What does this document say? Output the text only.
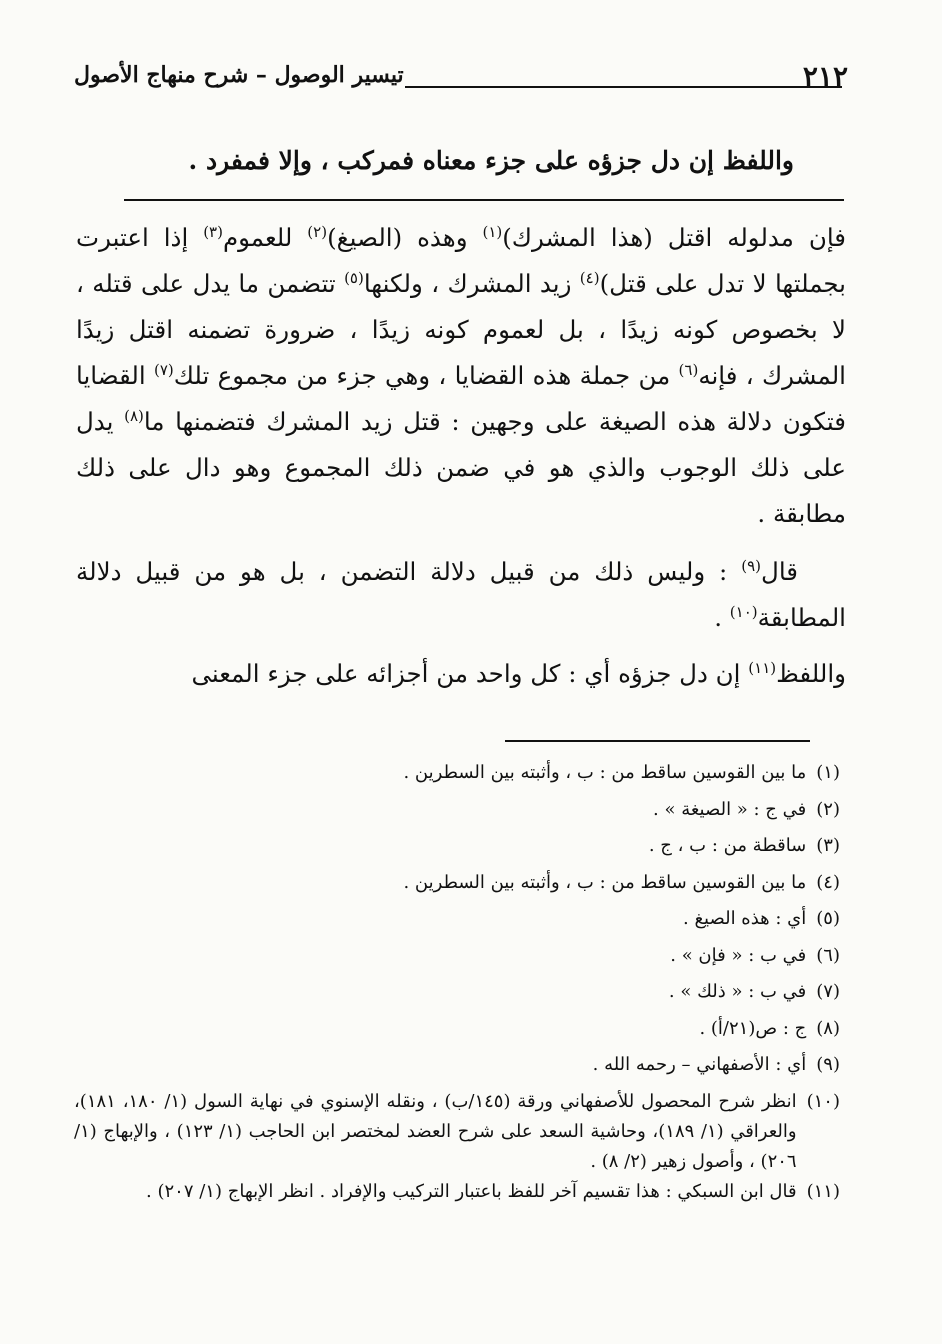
٢١٢
تيسير الوصول – شرح منهاج الأصول
واللفظ إن دل جزؤه على جزء معناه فمركب ، وإلا فمفرد .

فإن مدلوله اقتل (هذا المشرك)$^{(١)}$ وهذه (الصيغ)$^{(٢)}$ للعموم$^{(٣)}$ إذا اعتبرت بجملتها لا تدل على قتل)$^{(٤)}$ زيد المشرك ، ولكنها$^{(٥)}$ تتضمن ما يدل على قتله ، لا بخصوص كونه زيدًا ، بل لعموم كونه زيدًا ، ضرورة تضمنه اقتل زيدًا المشرك ، فإنه$^{(٦)}$ من جملة هذه القضايا ، وهي جزء من مجموع تلك$^{(٧)}$ القضايا فتكون دلالة هذه الصيغة على وجهين : قتل زيد المشرك فتضمنها ما$^{(٨)}$ يدل على ذلك الوجوب والذي هو في ضمن ذلك المجموع وهو دال على ذلك مطابقة .

قال$^{(٩)}$ : وليس ذلك من قبيل دلالة التضمن ، بل هو من قبيل دلالة المطابقة$^{(١٠)}$ .

واللفظ$^{(١١)}$ إن دل جزؤه أي : كل واحد من أجزائه على جزء المعنى

(١)
ما بين القوسين ساقط من : ب ، وأثبته بين السطرين .
(٢)
في ج : « الصيغة » .
(٣)
ساقطة من : ب ، ج .
(٤)
ما بين القوسين ساقط من : ب ، وأثبته بين السطرين .
(٥)
أي : هذه الصيغ .
(٦)
في ب : « فإن » .
(٧)
في ب : « ذلك » .
(٨)
ج : ص(٢١/أ) .
(٩)
أي : الأصفهاني – رحمه الله .
(١٠)
انظر شرح المحصول للأصفهاني ورقة (١٤٥/ب) ، ونقله الإسنوي في نهاية السول (١/ ١٨٠، ١٨١)، والعراقي (١/ ١٨٩)، وحاشية السعد على شرح العضد لمختصر ابن الحاجب (١/ ١٢٣) ، والإبهاج (١/ ٢٠٦) ، وأصول زهير (٢/ ٨) .
(١١)
قال ابن السبكي : هذا تقسيم آخر للفظ باعتبار التركيب والإفراد . انظر الإبهاج (١/ ٢٠٧) .
